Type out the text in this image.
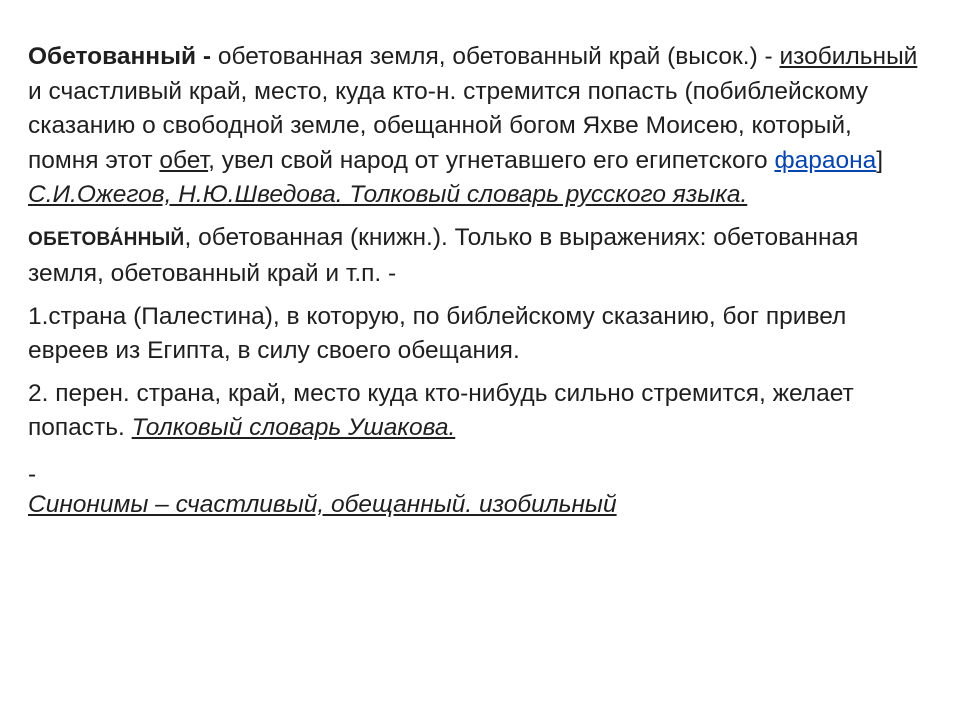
Обетованный - обетованная земля, обетованный край (высок.) - изобильный и счастливый край, место, куда кто-н. стремится попасть (побиблейскому сказанию о свободной земле, обещанной богом Яхве Моисею, который, помня этот обет, увел свой народ от угнетавшего его египетского фараона] С.И.Ожегов, Н.Ю.Шведова. Толковый словарь русского языка.

ОБЕТОВА́ННЫЙ, обетованная (книжн.). Только в выражениях: обетованная земля, обетованный край и т.п. -

1.страна (Палестина), в которую, по библейскому сказанию, бог привел евреев из Египта, в силу своего обещания.

2. перен. страна, край, место куда кто-нибудь сильно стремится, желает попасть. Толковый словарь Ушакова.

-
Синонимы – счастливый, обещанный. изобильный
